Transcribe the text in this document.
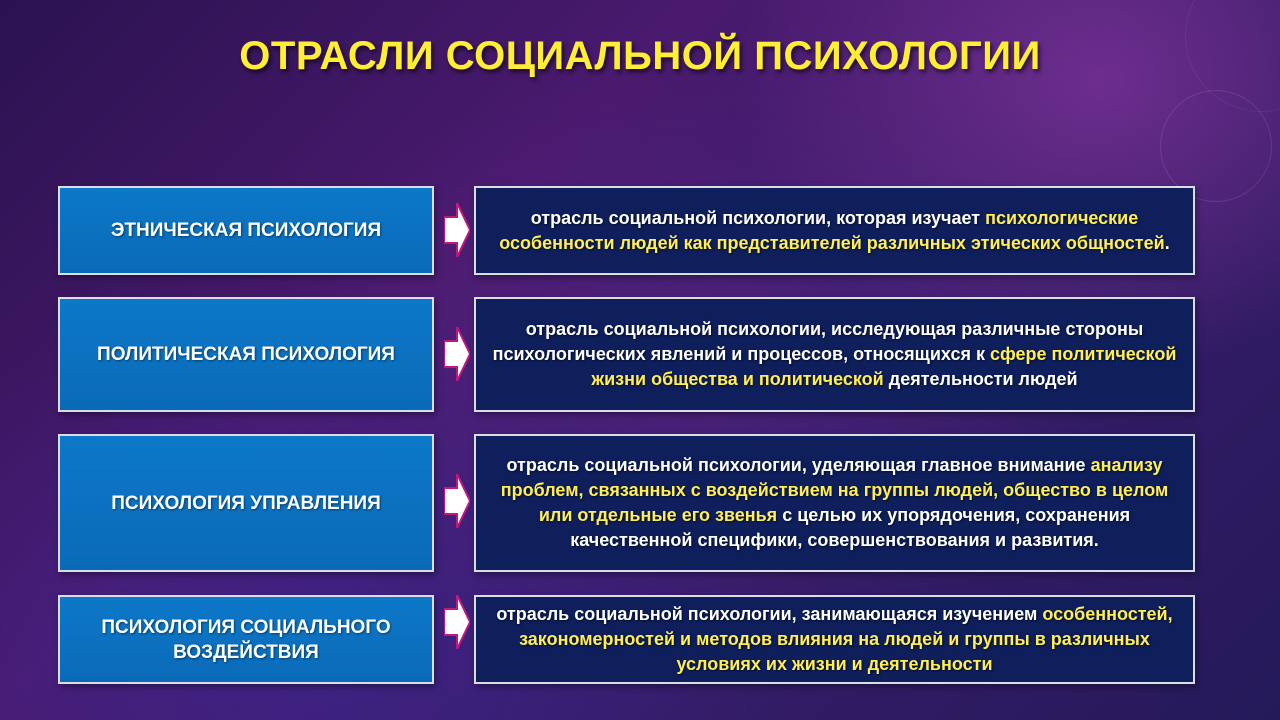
ОТРАСЛИ СОЦИАЛЬНОЙ ПСИХОЛОГИИ
ЭТНИЧЕСКАЯ ПСИХОЛОГИЯ
отрасль социальной психологии, которая изучает психологические особенности людей как представителей различных этических общностей.
ПОЛИТИЧЕСКАЯ ПСИХОЛОГИЯ
отрасль социальной психологии, исследующая различные стороны психологических явлений и процессов, относящихся к сфере политической жизни общества и политической деятельности людей
ПСИХОЛОГИЯ УПРАВЛЕНИЯ
отрасль социальной психологии, уделяющая главное внимание анализу проблем, связанных с воздействием на группы людей, общество в целом или отдельные его звенья с целью их упорядочения, сохранения качественной специфики, совершенствования и развития.
ПСИХОЛОГИЯ СОЦИАЛЬНОГО ВОЗДЕЙСТВИЯ
отрасль социальной психологии, занимающаяся изучением особенностей, закономерностей и методов влияния на людей и группы в различных условиях их жизни и деятельности
